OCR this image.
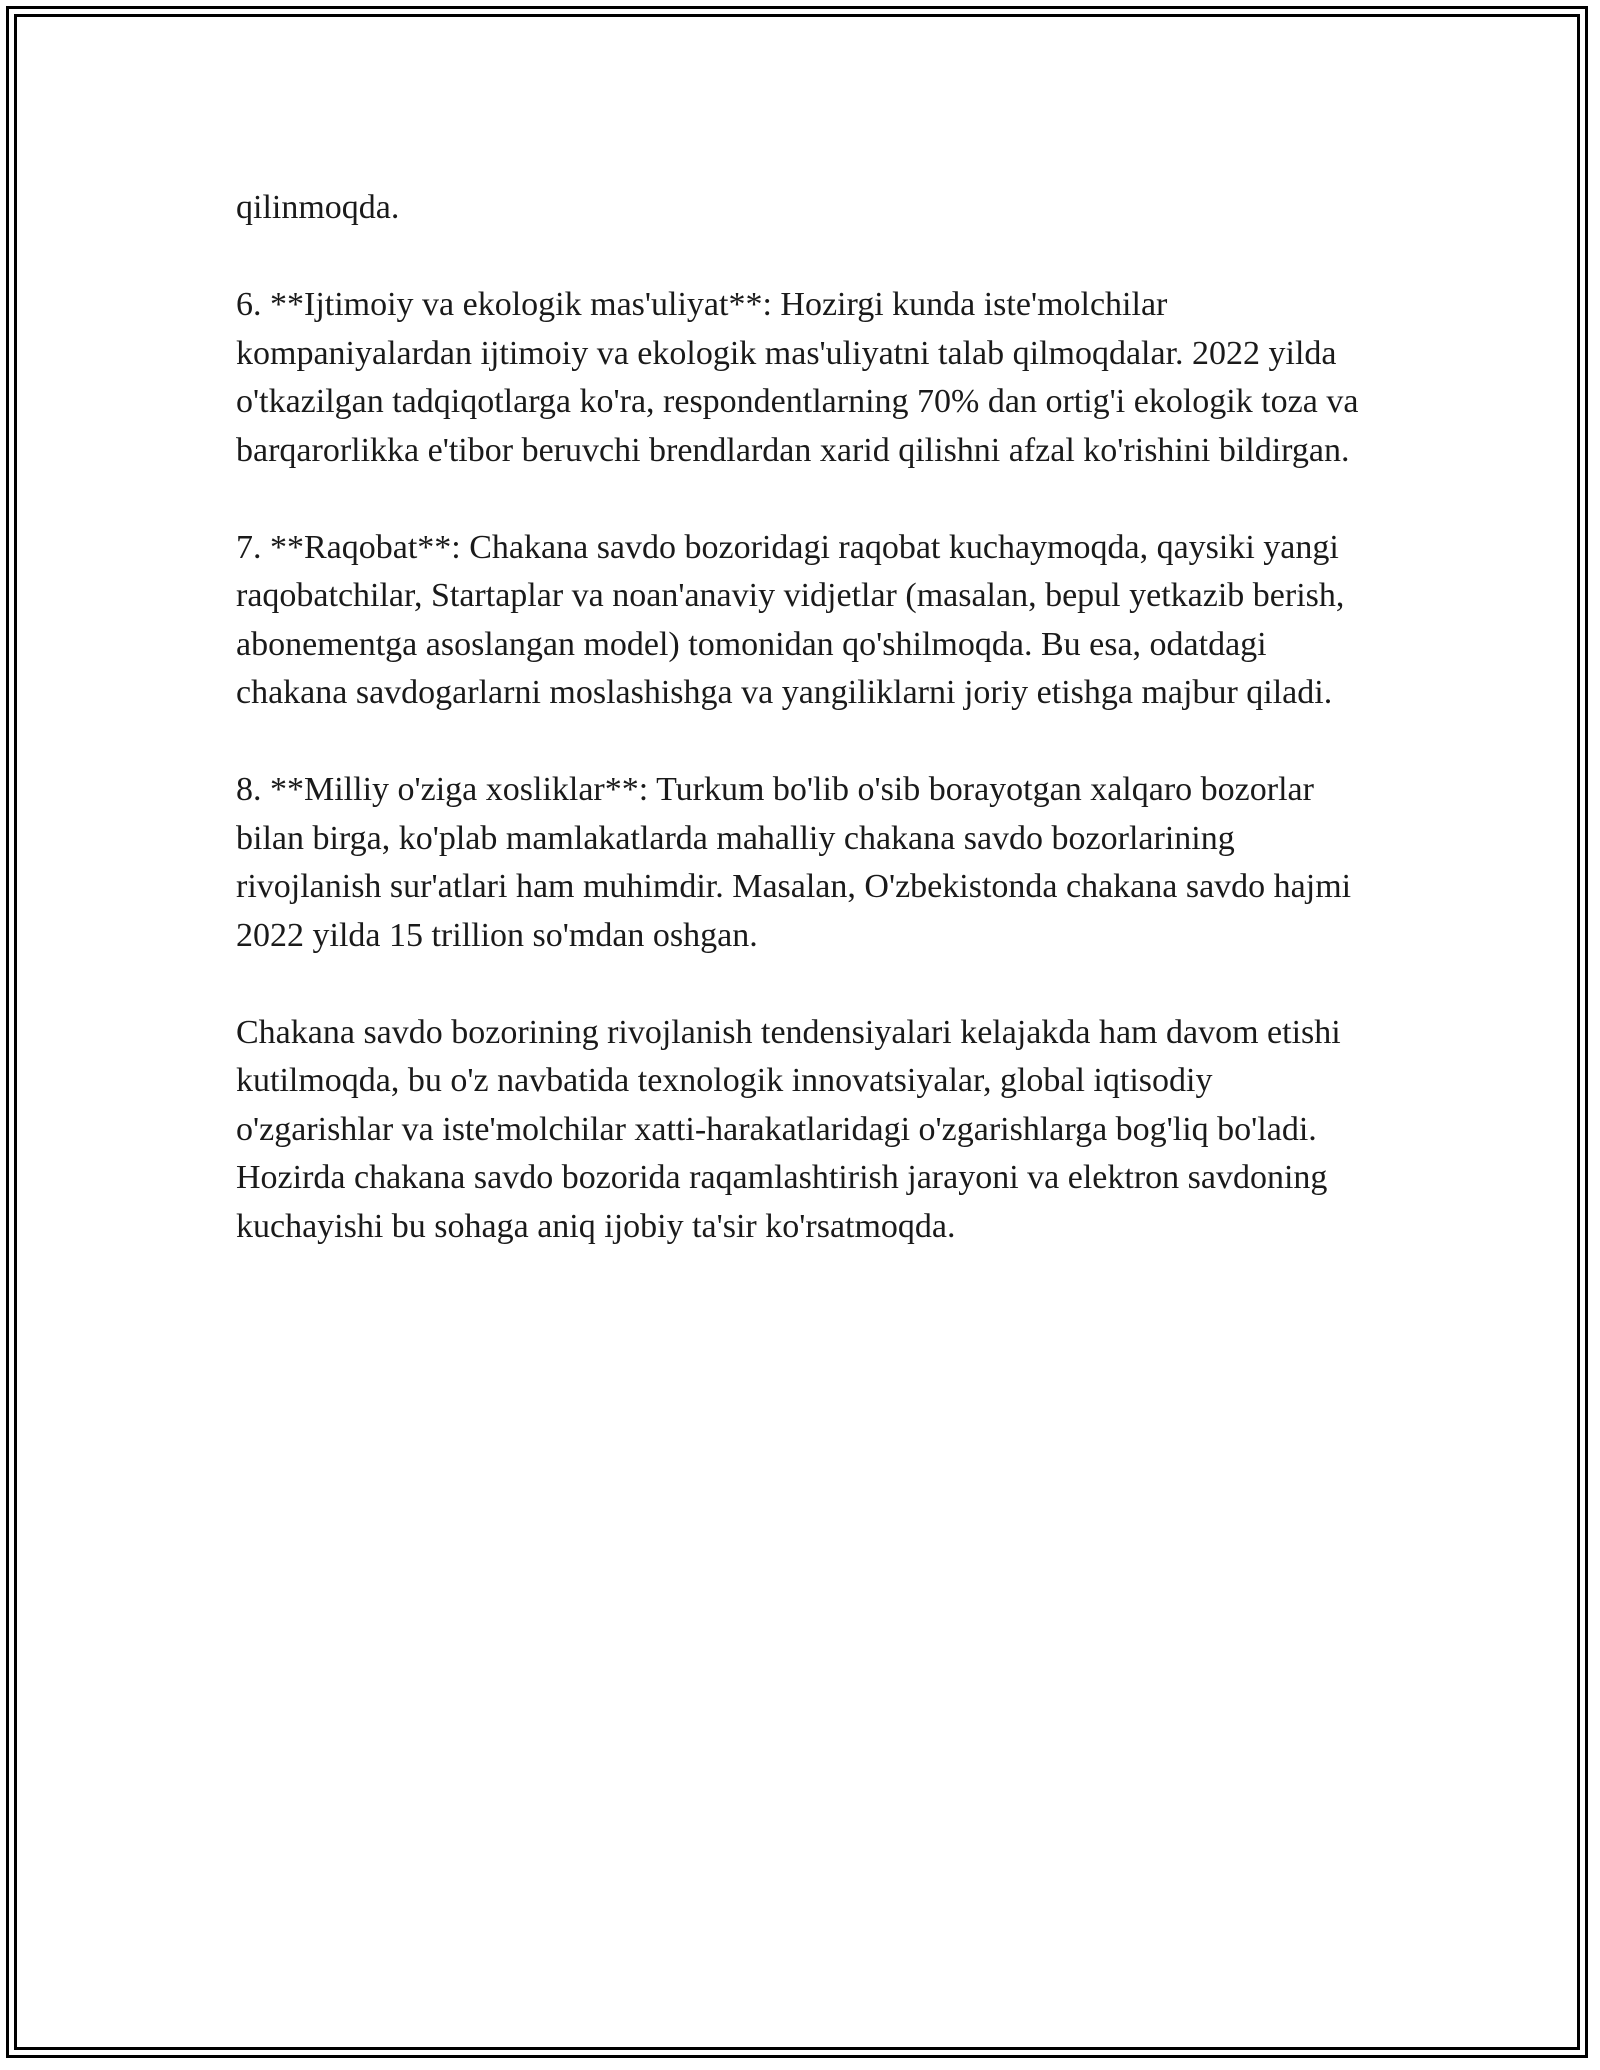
qilinmoqda.

6. **Ijtimoiy va ekologik mas'uliyat**: Hozirgi kunda iste'molchilar kompaniyalardan ijtimoiy va ekologik mas'uliyatni talab qilmoqdalar. 2022 yilda o'tkazilgan tadqiqotlarga ko'ra, respondentlarning 70% dan ortig'i ekologik toza va barqarorlikka e'tibor beruvchi brendlardan xarid qilishni afzal ko'rishini bildirgan.

7. **Raqobat**: Chakana savdo bozoridagi raqobat kuchaymoqda, qaysiki yangi raqobatchilar, Startaplar va noan'anaviy vidjetlar (masalan, bepul yetkazib berish, abonementga asoslangan model) tomonidan qo'shilmoqda. Bu esa, odatdagi chakana savdogarlarni moslashishga va yangiliklarni joriy etishga majbur qiladi.

8. **Milliy o'ziga xosliklar**: Turkum bo'lib o'sib borayotgan xalqaro bozorlar bilan birga, ko'plab mamlakatlarda mahalliy chakana savdo bozorlarining rivojlanish sur'atlari ham muhimdir. Masalan, O'zbekistonda chakana savdo hajmi 2022 yilda 15 trillion so'mdan oshgan.

Chakana savdo bozorining rivojlanish tendensiyalari kelajakda ham davom etishi kutilmoqda, bu o'z navbatida texnologik innovatsiyalar, global iqtisodiy o'zgarishlar va iste'molchilar xatti-harakatlaridagi o'zgarishlarga bog'liq bo'ladi. Hozirda chakana savdo bozorida raqamlashtirish jarayoni va elektron savdoning kuchayishi bu sohaga aniq ijobiy ta'sir ko'rsatmoqda.
